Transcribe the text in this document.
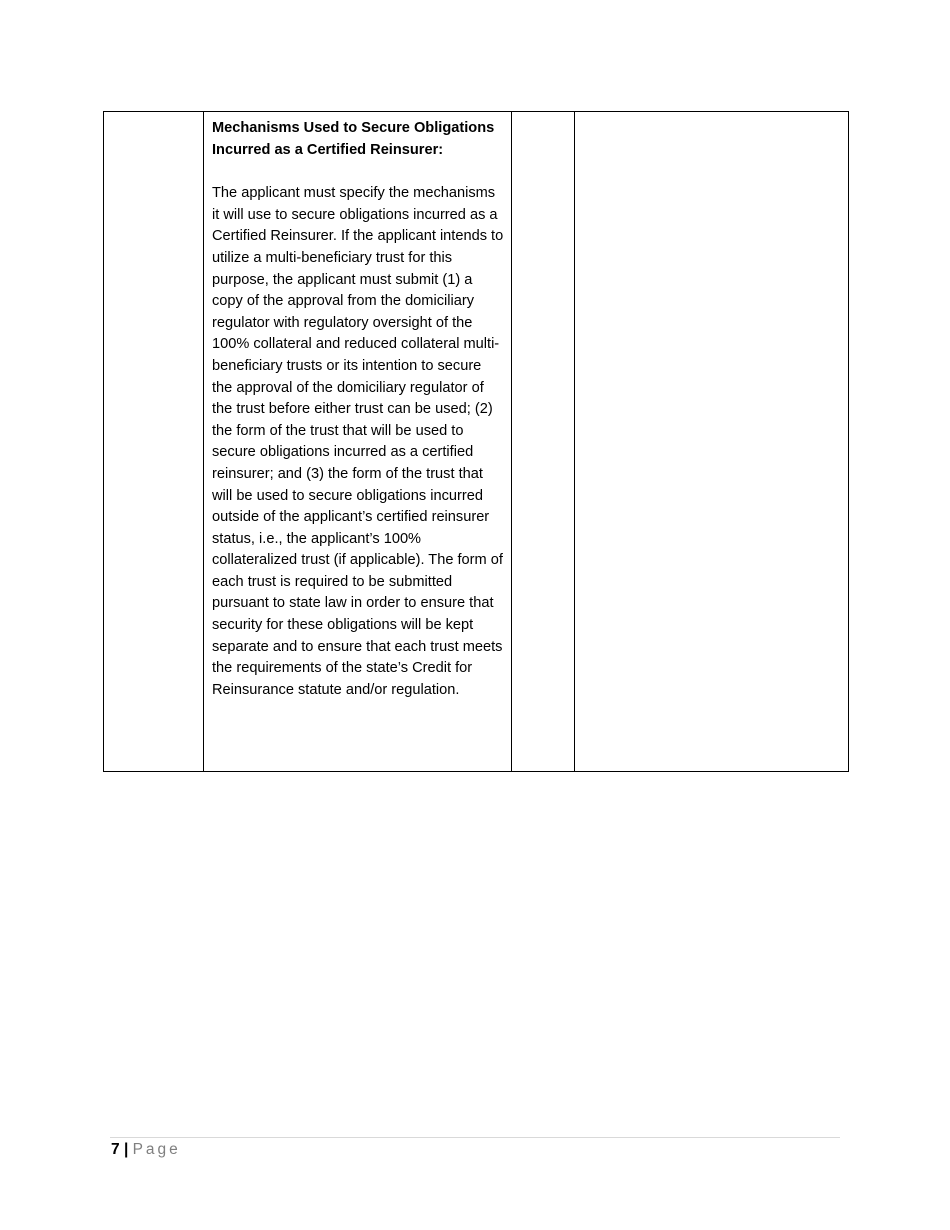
Mechanisms Used to Secure Obligations
Incurred as a Certified Reinsurer:

The applicant must specify the mechanisms it will use to secure obligations incurred as a Certified Reinsurer. If the applicant intends to utilize a multi-beneficiary trust for this purpose, the applicant must submit (1) a copy of the approval from the domiciliary regulator with regulatory oversight of the 100% collateral and reduced collateral multi-beneficiary trusts or its intention to secure the approval of the domiciliary regulator of the trust before either trust can be used; (2) the form of the trust that will be used to secure obligations incurred as a certified reinsurer; and (3) the form of the trust that will be used to secure obligations incurred outside of the applicant’s certified reinsurer status, i.e., the applicant’s 100% collateralized trust (if applicable). The form of each trust is required to be submitted pursuant to state law in order to ensure that security for these obligations will be kept separate and to ensure that each trust meets the requirements of the state’s Credit for Reinsurance statute and/or regulation.

7 | Page
